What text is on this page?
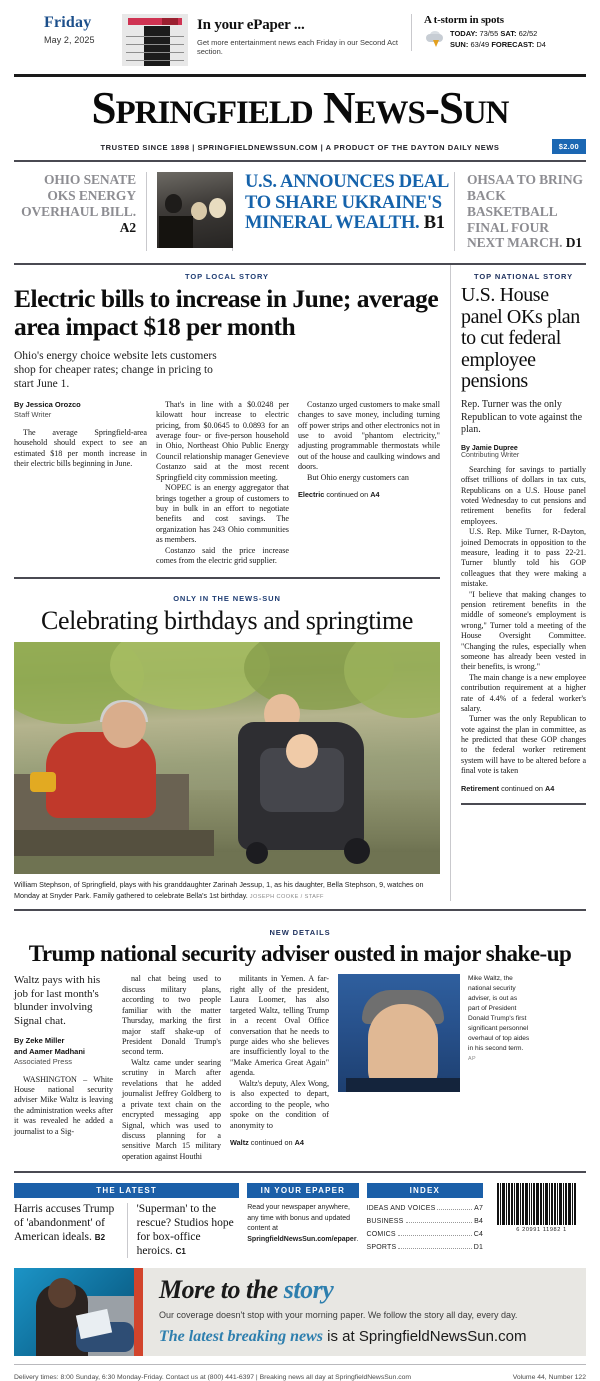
Friday
May 2, 2025
In your ePaper ...
Get more entertainment news each Friday in our Second Act section.
A t-storm in spots
TODAY: 73/55 SAT: 62/52
SUN: 63/49 FORECAST: D4
SPRINGFIELD NEWS-SUN
TRUSTED SINCE 1898 | SPRINGFIELDNEWSSUN.COM | A PRODUCT OF THE DAYTON DAILY NEWS	$2.00
OHIO SENATE OKS ENERGY OVERHAUL BILL. A2
U.S. ANNOUNCES DEAL TO SHARE UKRAINE'S MINERAL WEALTH. B1
OHSAA TO BRING BACK BASKETBALL FINAL FOUR NEXT MARCH. D1
TOP LOCAL STORY
Electric bills to increase in June; average area impact $18 per month
Ohio's energy choice website lets customers shop for cheaper rates; change in pricing to start June 1.
By Jessica Orozco
Staff Writer

The average Springfield-area household should expect to see an estimated $18 per month increase in their electric bills beginning in June.

That's in line with a $0.0248 per kilowatt hour increase to electric pricing, from $0.0645 to 0.0893 for an average four- or five-person household in Ohio, Northeast Ohio Public Energy Council relationship manager Genevieve Costanzo said at the most recent Springfield city commission meeting.

NOPEC is an energy aggregator that brings together a group of customers to buy in bulk in an effort to negotiate benefits and cost savings. The organization has 243 Ohio communities as members.

Costanzo said the price increase comes from the electric grid supplier.

Costanzo urged customers to make small changes to save money, including turning off power strips and other electronics not in use to avoid "phantom electricity," adjusting programmable thermostats while out of the house and caulking windows and doors.

But Ohio energy customers can

Electric continued on A4
ONLY IN THE NEWS-SUN
Celebrating birthdays and springtime
William Stephson, of Springfield, plays with his granddaughter Zarinah Jessup, 1, as his daughter, Bella Stephson, 9, watches on Monday at Snyder Park. Family gathered to celebrate Bella's 1st birthday. JOSEPH COOKE / STAFF
TOP NATIONAL STORY
U.S. House panel OKs plan to cut federal employee pensions
Rep. Turner was the only Republican to vote against the plan.
By Jamie Dupree
Contributing Writer

Searching for savings to partially offset trillions of dollars in tax cuts, Republicans on a U.S. House panel voted Wednesday to cut pensions and retirement benefits for federal employees.

U.S. Rep. Mike Turner, R-Dayton, joined Democrats in opposition to the measure, leading it to pass 22-21. Turner bluntly told his GOP colleagues that they were making a mistake.

"I believe that making changes to pension retirement benefits in the middle of someone's employment is wrong," Turner told a meeting of the House Oversight Committee. "Changing the rules, especially when someone has already been vested in their benefits, is wrong."

The main change is a new employee contribution requirement at a higher rate of 4.4% of a federal worker's salary.

Turner was the only Republican to vote against the plan in committee, as he predicted that these GOP changes to the federal worker retirement system will have to be altered before a final vote is taken

Retirement continued on A4
NEW DETAILS
Trump national security adviser ousted in major shake-up
Waltz pays with his job for last month's blunder involving Signal chat.
By Zeke Miller
and Aamer Madhani
Associated Press

WASHINGTON – White House national security adviser Mike Waltz is leaving the administration weeks after it was revealed he added a journalist to a Sig-

nal chat being used to discuss military plans, according to two people familiar with the matter Thursday, marking the first major staff shake-up of President Donald Trump's second term.

Waltz came under searing scrutiny in March after revelations that he added journalist Jeffrey Goldberg to a private text chain on the encrypted messaging app Signal, which was used to discuss planning for a sensitive March 15 military operation against Houthi

militants in Yemen. A far-right ally of the president, Laura Loomer, has also targeted Waltz, telling Trump in a recent Oval Office conversation that he needs to purge aides who she believes are insufficiently loyal to the "Make America Great Again" agenda.

Waltz's deputy, Alex Wong, is also expected to depart, according to the people, who spoke on the condition of anonymity to

Waltz continued on A4
Mike Waltz, the national security adviser, is out as part of President Donald Trump's first significant personnel overhaul of top aides in his second term. AP
THE LATEST
Harris accuses Trump of 'abandonment' of American ideals. B2
'Superman' to the rescue? Studios hope for box-office heroics. C1
IN YOUR EPAPER
Read your newspaper anywhere, any time with bonus and updated content at SpringfieldNewsSun.com/epaper.
INDEX
IDEAS AND VOICES	A7
BUSINESS	B4
COMICS	C4
SPORTS	D1
6 20991 11982 1
More to the story
Our coverage doesn't stop with your morning paper. We follow the story all day, every day.
The latest breaking news is at SpringfieldNewsSun.com
Delivery times: 8:00 Sunday, 6:30 Monday-Friday. Contact us at (800) 441-6397 | Breaking news all day at SpringfieldNewsSun.com	Volume 44, Number 122
